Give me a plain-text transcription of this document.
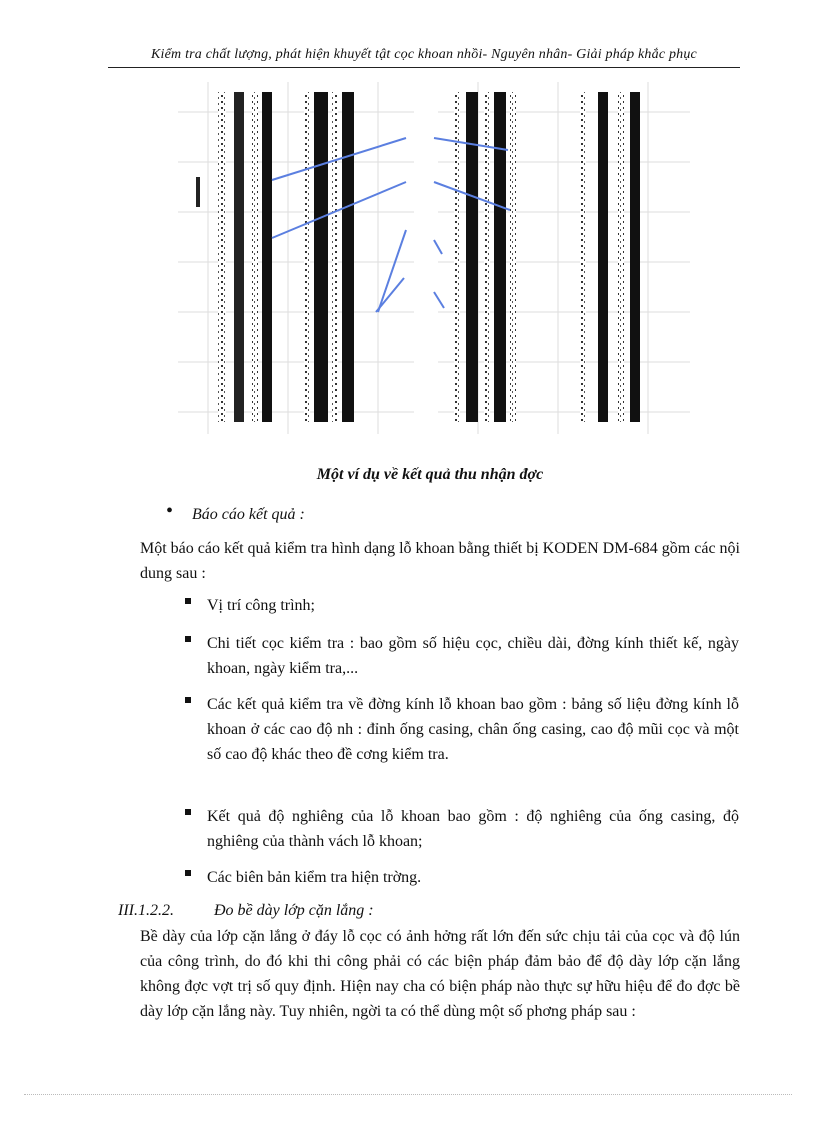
Kiểm tra chất lượng, phát hiện khuyết tật cọc khoan nhồi- Nguyên nhân- Giải pháp khắc phục
Một ví dụ về kết quả thu nhận đợc
• Báo cáo kết quả :
Một báo cáo kết quả kiểm tra hình dạng lỗ khoan bằng thiết bị KODEN DM-684 gồm các nội dung sau :
Vị trí công trình;
Chi tiết cọc kiểm tra : bao gồm số hiệu cọc, chiều dài, đờng kính thiết kế, ngày khoan, ngày kiểm tra,...
Các kết quả kiểm tra về đờng kính lỗ khoan bao gồm : bảng số liệu đờng kính lỗ khoan ở các cao độ nh : đỉnh ống casing, chân ống casing, cao độ mũi cọc và một số cao độ khác theo đề cơng kiểm tra.
Kết quả độ nghiêng của lỗ khoan bao gồm : độ nghiêng của ống casing, độ nghiêng của thành vách lỗ khoan;
Các biên bản kiểm tra hiện trờng.
III.1.2.2.	Đo bề dày lớp cặn lắng :
Bề dày của lớp cặn lắng ở đáy lỗ cọc có ảnh hởng rất lớn đến sức chịu tải của cọc và độ lún của công trình, do đó khi thi công phải có các biện pháp đảm bảo để độ dày lớp cặn lắng không đợc vợt trị số quy định. Hiện nay cha có biện pháp nào thực sự hữu hiệu để đo đợc bề dày lớp cặn lắng này. Tuy nhiên, ngời ta có thể dùng một số phơng pháp sau :
